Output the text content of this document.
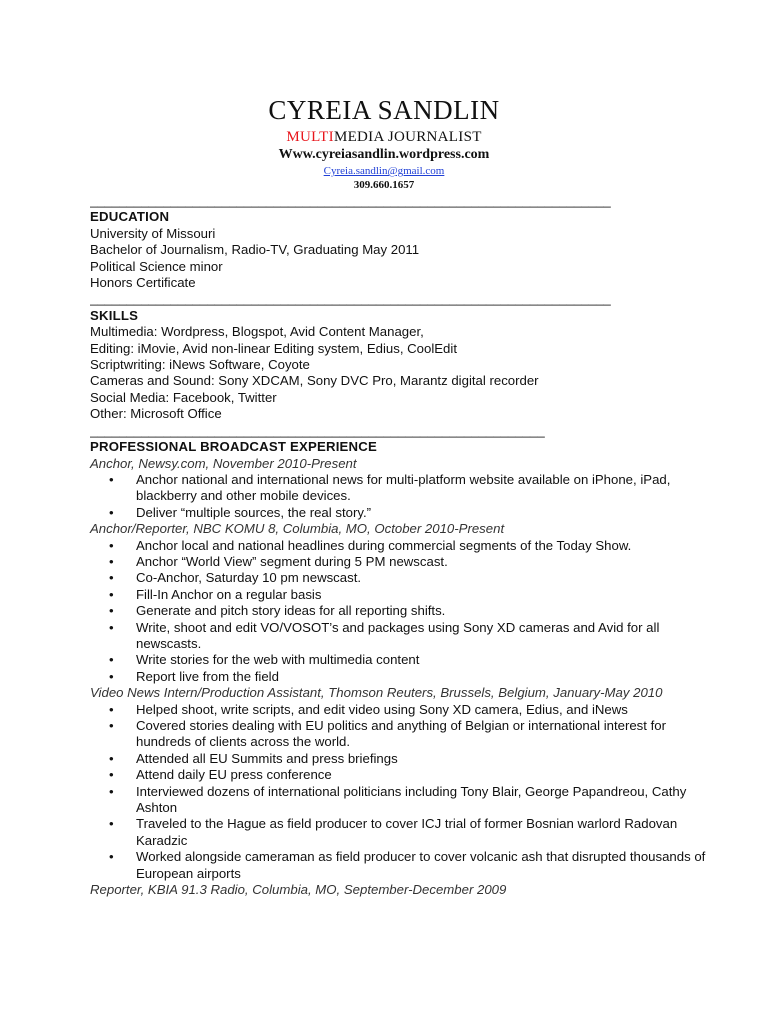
CYREIA SANDLIN
MULTIMEDIA JOURNALIST
Www.cyreiasandlin.wordpress.com
Cyreia.sandlin@gmail.com
309.660.1657
_______________________________________________________________________
EDUCATION
University of Missouri
Bachelor of Journalism, Radio-TV, Graduating May 2011
Political Science minor
Honors Certificate
_______________________________________________________________________
SKILLS
Multimedia: Wordpress, Blogspot, Avid Content Manager,
Editing: iMovie, Avid non-linear Editing system, Edius, CoolEdit
Scriptwriting: iNews Software, Coyote
Cameras and Sound: Sony XDCAM, Sony DVC Pro, Marantz digital recorder
Social Media: Facebook, Twitter
Other: Microsoft Office
______________________________________________________________
PROFESSIONAL BROADCAST EXPERIENCE
Anchor, Newsy.com, November 2010-Present
• Anchor national and international news for multi-platform website available on iPhone, iPad, blackberry and other mobile devices.
• Deliver “multiple sources, the real story.”
Anchor/Reporter, NBC KOMU 8, Columbia, MO, October 2010-Present
• Anchor local and national headlines during commercial segments of the Today Show.
• Anchor “World View” segment during 5 PM newscast.
• Co-Anchor, Saturday 10 pm newscast.
• Fill-In Anchor on a regular basis
• Generate and pitch story ideas for all reporting shifts.
• Write, shoot and edit VO/VOSOT’s and packages using Sony XD cameras and Avid for all newscasts.
• Write stories for the web with multimedia content
• Report live from the field
Video News Intern/Production Assistant, Thomson Reuters, Brussels, Belgium, January-May 2010
• Helped shoot, write scripts, and edit video using Sony XD camera, Edius, and iNews
• Covered stories dealing with EU politics and anything of Belgian or international interest for hundreds of clients across the world.
• Attended all EU Summits and press briefings
• Attend daily EU press conference
• Interviewed dozens of international politicians including Tony Blair, George Papandreou, Cathy Ashton
• Traveled to the Hague as field producer to cover ICJ trial of former Bosnian warlord Radovan Karadzic
• Worked alongside cameraman as field producer to cover volcanic ash that disrupted thousands of European airports
Reporter, KBIA 91.3 Radio, Columbia, MO, September-December 2009
